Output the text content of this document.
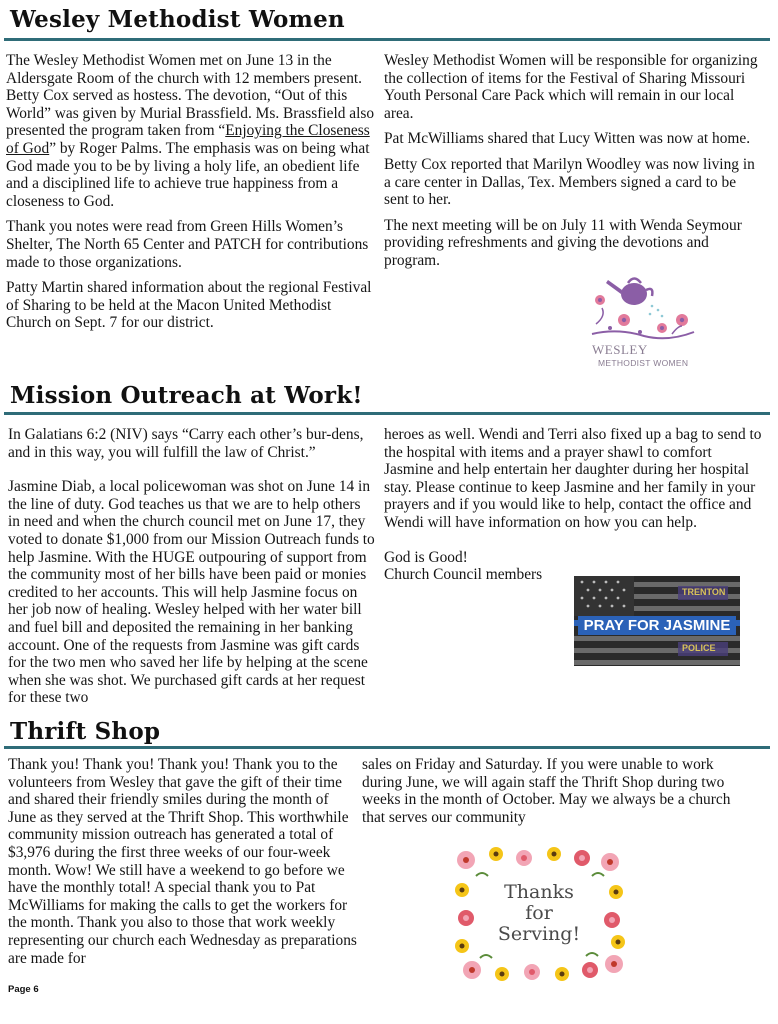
Wesley Methodist Women

The Wesley Methodist Women met on June 13 in the Aldersgate Room of the church with 12 members present. Betty Cox served as hostess. The devotion, “Out of this World” was given by Murial Brassfield. Ms. Brassfield also presented the program taken from “Enjoying the Closeness of God” by Roger Palms. The emphasis was on being what God made you to be by living a holy life, an obedient life and a disciplined life to achieve true happiness from a closeness to God.

Thank you notes were read from Green Hills Women’s Shelter, The North 65 Center and PATCH for contributions made to those organizations.

Patty Martin shared information about the regional Festival of Sharing to be held at the Macon United Methodist Church on Sept. 7 for our district.

Wesley Methodist Women will be responsible for organizing the collection of items for the Festival of Sharing Missouri Youth Personal Care Pack which will remain in our local area.

Pat McWilliams shared that Lucy Witten was now at home.

Betty Cox reported that Marilyn Woodley was now living in a care center in Dallas, Tex. Members signed a card to be sent to her.

The next meeting will be on July 11 with Wenda Seymour providing refreshments and giving the devotions and program.

WESLEY
METHODIST WOMEN
Mission Outreach at Work!

In Galatians 6:2 (NIV) says “Carry each other’s bur-dens, and in this way, you will fulfill the law of Christ.”

Jasmine Diab, a local policewoman was shot on June 14 in the line of duty. God teaches us that we are to help others in need and when the church council met on June 17, they voted to donate $1,000 from our Mission Outreach funds to help Jasmine. With the HUGE outpouring of support from the community most of her bills have been paid or monies credited to her accounts. This will help Jasmine focus on her job now of healing. Wesley helped with her water bill and fuel bill and deposited the remaining in her banking account. One of the requests from Jasmine was gift cards for the two men who saved her life by helping at the scene when she was shot. We purchased gift cards at her request for these two

heroes as well. Wendi and Terri also fixed up a bag to send to the hospital with items and a prayer shawl to comfort Jasmine and help entertain her daughter during her hospital stay. Please continue to keep Jasmine and her family in your prayers and if you would like to help, contact the office and Wendi will have information on how you can help.

God is Good!
Church Council members
TRENTON
PRAY FOR JASMINE
POLICE
Thrift Shop

Thank you! Thank you! Thank you! Thank you to the volunteers from Wesley that gave the gift of their time and shared their friendly smiles during the month of June as they served at the Thrift Shop. This worthwhile community mission outreach has generated a total of $3,976 during the first three weeks of our four-week month. Wow! We still have a weekend to go before we have the monthly total! A special thank you to Pat McWilliams for making the calls to get the workers for the month. Thank you also to those that work weekly representing our church each Wednesday as preparations are made for

sales on Friday and Saturday. If you were unable to work during June, we will again staff the Thrift Shop during two weeks in the month of October. May we always be a church that serves our community

Thanks
for
Serving!
Page 6
